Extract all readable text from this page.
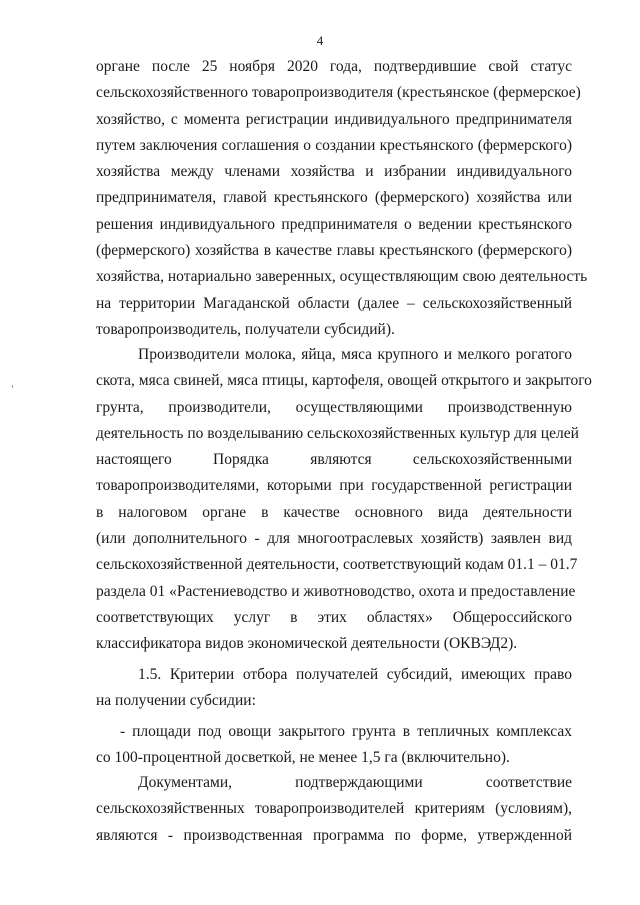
4
органе после 25 ноября 2020 года, подтвердившие свой статус
сельскохозяйственного товаропроизводителя (крестьянское (фермерское)
хозяйство, с момента регистрации индивидуального предпринимателя
путем заключения соглашения о создании крестьянского (фермерского)
хозяйства между членами хозяйства и избрании индивидуального
предпринимателя, главой крестьянского (фермерского) хозяйства или
решения индивидуального предпринимателя о ведении крестьянского
(фермерского) хозяйства в качестве главы крестьянского (фермерского)
хозяйства, нотариально заверенных, осуществляющим свою деятельность
на территории Магаданской области (далее – сельскохозяйственный
товаропроизводитель, получатели субсидий).
Производители молока, яйца, мяса крупного и мелкого рогатого
скота, мяса свиней, мяса птицы, картофеля, овощей открытого и закрытого
грунта, производители, осуществляющими производственную
деятельность по возделыванию сельскохозяйственных культур для целей
настоящего Порядка являются сельскохозяйственными
товаропроизводителями, которыми при государственной регистрации
в налоговом органе в качестве основного вида деятельности
(или дополнительного - для многоотраслевых хозяйств) заявлен вид
сельскохозяйственной деятельности, соответствующий кодам 01.1 – 01.7
раздела 01 «Растениеводство и животноводство, охота и предоставление
соответствующих услуг в этих областях» Общероссийского
классификатора видов экономической деятельности (ОКВЭД2).
1.5. Критерии отбора получателей субсидий, имеющих право
на получении субсидии:
- площади под овощи закрытого грунта в тепличных комплексах
со 100-процентной досветкой, не менее 1,5 га (включительно).
Документами, подтверждающими соответствие
сельскохозяйственных товаропроизводителей критериям (условиям),
являются - производственная программа по форме, утвержденной
